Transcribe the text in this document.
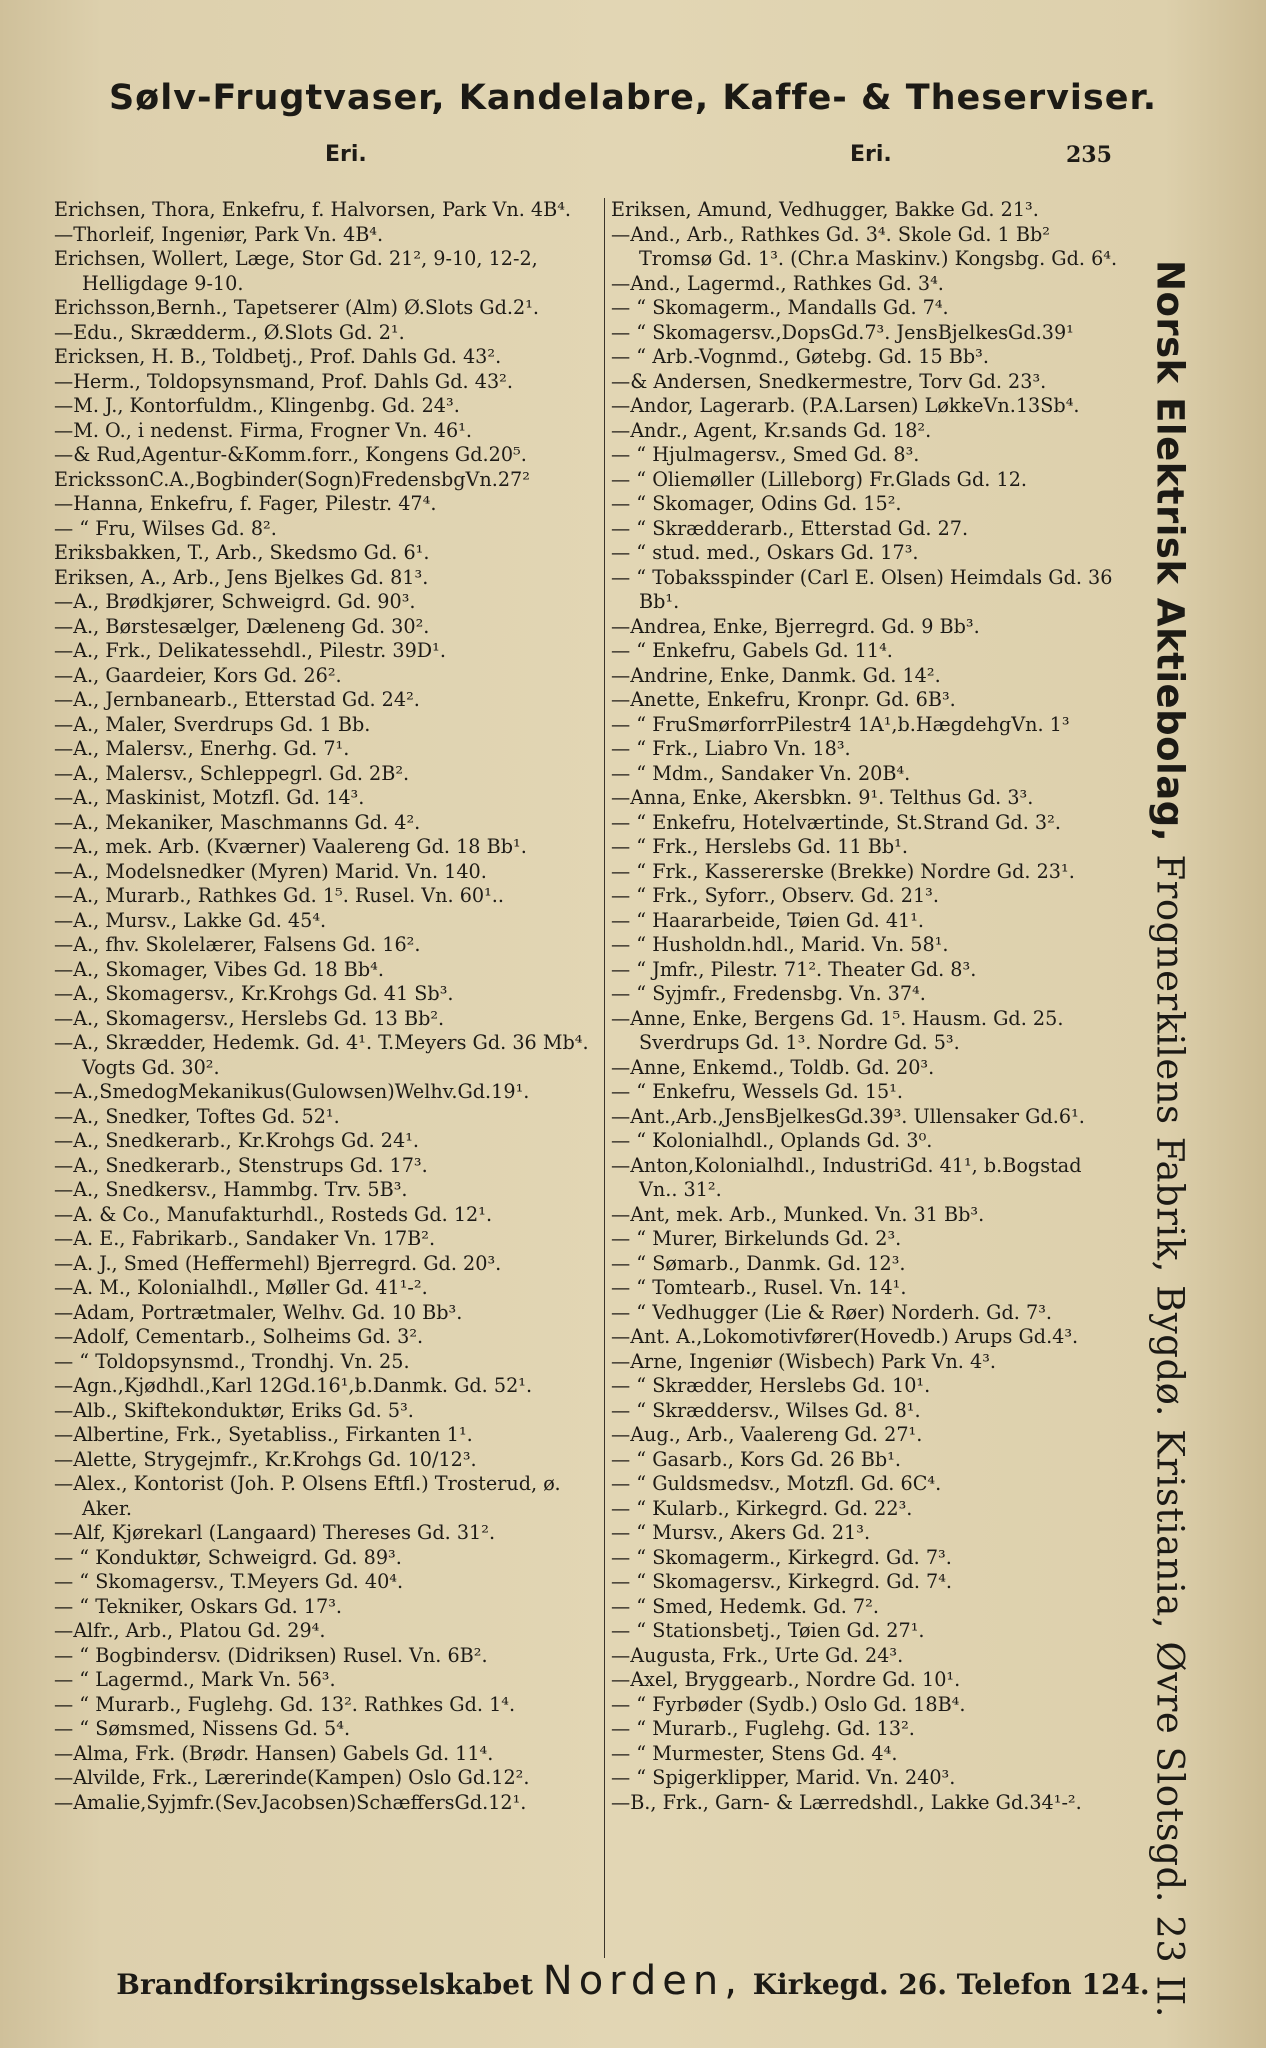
Sølv-Frugtvaser, Kandelabre, Kaffe- & Theserviser.
Eri.	Eri.	235

Erichsen, Thora, Enkefru, f. Halvorsen, Park Vn. 4B⁴.

—Thorleif, Ingeniør, Park Vn. 4B⁴.

Erichsen, Wollert, Læge, Stor Gd. 21², 9-10, 12-2, Helligdage 9-10.

Erichsson,Bernh., Tapetserer (Alm) Ø.Slots Gd.2¹.

—Edu., Skrædderm., Ø.Slots Gd. 2¹.

Ericksen, H. B., Toldbetj., Prof. Dahls Gd. 43².

—Herm., Toldopsynsmand, Prof. Dahls Gd. 43².

—M. J., Kontorfuldm., Klingenbg. Gd. 24³.

—M. O., i nedenst. Firma, Frogner Vn. 46¹.

—& Rud,Agentur-&Komm.forr., Kongens Gd.20⁵.

ErickssonC.A.,Bogbinder(Sogn)FredensbgVn.27²

—Hanna, Enkefru, f. Fager, Pilestr. 47⁴.

— “ Fru, Wilses Gd. 8².

Eriksbakken, T., Arb., Skedsmo Gd. 6¹.

Eriksen, A., Arb., Jens Bjelkes Gd. 81³.

—A., Brødkjører, Schweigrd. Gd. 90³.

—A., Børstesælger, Dæleneng Gd. 30².

—A., Frk., Delikatessehdl., Pilestr. 39D¹.

—A., Gaardeier, Kors Gd. 26².

—A., Jernbanearb., Etterstad Gd. 24².

—A., Maler, Sverdrups Gd. 1 Bb.

—A., Malersv., Enerhg. Gd. 7¹.

—A., Malersv., Schleppegrl. Gd. 2B².

—A., Maskinist, Motzfl. Gd. 14³.

—A., Mekaniker, Maschmanns Gd. 4².

—A., mek. Arb. (Kværner) Vaalereng Gd. 18 Bb¹.

—A., Modelsnedker (Myren) Marid. Vn. 140.

—A., Murarb., Rathkes Gd. 1⁵. Rusel. Vn. 60¹..

—A., Mursv., Lakke Gd. 45⁴.

—A., fhv. Skolelærer, Falsens Gd. 16².

—A., Skomager, Vibes Gd. 18 Bb⁴.

—A., Skomagersv., Kr.Krohgs Gd. 41 Sb³.

—A., Skomagersv., Herslebs Gd. 13 Bb².

—A., Skrædder, Hedemk. Gd. 4¹. T.Meyers Gd. 36 Mb⁴. Vogts Gd. 30².

—A.,SmedogMekanikus(Gulowsen)Welhv.Gd.19¹.

—A., Snedker, Toftes Gd. 52¹.

—A., Snedkerarb., Kr.Krohgs Gd. 24¹.

—A., Snedkerarb., Stenstrups Gd. 17³.

—A., Snedkersv., Hammbg. Trv. 5B³.

—A. & Co., Manufakturhdl., Rosteds Gd. 12¹.

—A. E., Fabrikarb., Sandaker Vn. 17B².

—A. J., Smed (Heffermehl) Bjerregrd. Gd. 20³.

—A. M., Kolonialhdl., Møller Gd. 41¹-².

—Adam, Portrætmaler, Welhv. Gd. 10 Bb³.

—Adolf, Cementarb., Solheims Gd. 3².

— “ Toldopsynsmd., Trondhj. Vn. 25.

—Agn.,Kjødhdl.,Karl 12Gd.16¹,b.Danmk. Gd. 52¹.

—Alb., Skiftekonduktør, Eriks Gd. 5³.

—Albertine, Frk., Syetabliss., Firkanten 1¹.

—Alette, Strygejmfr., Kr.Krohgs Gd. 10/12³.

—Alex., Kontorist (Joh. P. Olsens Eftfl.) Trosterud, ø. Aker.

—Alf, Kjørekarl (Langaard) Thereses Gd. 31².

— “ Konduktør, Schweigrd. Gd. 89³.

— “ Skomagersv., T.Meyers Gd. 40⁴.

— “ Tekniker, Oskars Gd. 17³.

—Alfr., Arb., Platou Gd. 29⁴.

— “ Bogbindersv. (Didriksen) Rusel. Vn. 6B².

— “ Lagermd., Mark Vn. 56³.

— “ Murarb., Fuglehg. Gd. 13². Rathkes Gd. 1⁴.

— “ Sømsmed, Nissens Gd. 5⁴.

—Alma, Frk. (Brødr. Hansen) Gabels Gd. 11⁴.

—Alvilde, Frk., Lærerinde(Kampen) Oslo Gd.12².

—Amalie,Syjmfr.(Sev.Jacobsen)SchæffersGd.12¹.

Eriksen, Amund, Vedhugger, Bakke Gd. 21³.

—And., Arb., Rathkes Gd. 3⁴. Skole Gd. 1 Bb² Tromsø Gd. 1³. (Chr.a Maskinv.) Kongsbg. Gd. 6⁴.

—And., Lagermd., Rathkes Gd. 3⁴.

— “ Skomagerm., Mandalls Gd. 7⁴.

— “ Skomagersv.,DopsGd.7³. JensBjelkesGd.39¹

— “ Arb.-Vognmd., Gøtebg. Gd. 15 Bb³.

—& Andersen, Snedkermestre, Torv Gd. 23³.

—Andor, Lagerarb. (P.A.Larsen) LøkkeVn.13Sb⁴.

—Andr., Agent, Kr.sands Gd. 18².

— “ Hjulmagersv., Smed Gd. 8³.

— “ Oliemøller (Lilleborg) Fr.Glads Gd. 12.

— “ Skomager, Odins Gd. 15².

— “ Skrædderarb., Etterstad Gd. 27.

— “ stud. med., Oskars Gd. 17³.

— “ Tobaksspinder (Carl E. Olsen) Heimdals Gd. 36 Bb¹.

—Andrea, Enke, Bjerregrd. Gd. 9 Bb³.

— “ Enkefru, Gabels Gd. 11⁴.

—Andrine, Enke, Danmk. Gd. 14².

—Anette, Enkefru, Kronpr. Gd. 6B³.

— “ FruSmørforrPilestr4 1A¹,b.HægdehgVn. 1³

— “ Frk., Liabro Vn. 18³.

— “ Mdm., Sandaker Vn. 20B⁴.

—Anna, Enke, Akersbkn. 9¹. Telthus Gd. 3³.

— “ Enkefru, Hotelværtinde, St.Strand Gd. 3².

— “ Frk., Herslebs Gd. 11 Bb¹.

— “ Frk., Kassererske (Brekke) Nordre Gd. 23¹.

— “ Frk., Syforr., Observ. Gd. 21³.

— “ Haararbeide, Tøien Gd. 41¹.

— “ Husholdn.hdl., Marid. Vn. 58¹.

— “ Jmfr., Pilestr. 71². Theater Gd. 8³.

— “ Syjmfr., Fredensbg. Vn. 37⁴.

—Anne, Enke, Bergens Gd. 1⁵. Hausm. Gd. 25. Sverdrups Gd. 1³. Nordre Gd. 5³.

—Anne, Enkemd., Toldb. Gd. 20³.

— “ Enkefru, Wessels Gd. 15¹.

—Ant.,Arb.,JensBjelkesGd.39³. Ullensaker Gd.6¹.

— “ Kolonialhdl., Oplands Gd. 3⁰.

—Anton,Kolonialhdl., IndustriGd. 41¹, b.Bogstad Vn.. 31².

—Ant, mek. Arb., Munked. Vn. 31 Bb³.

— “ Murer, Birkelunds Gd. 2³.

— “ Sømarb., Danmk. Gd. 12³.

— “ Tomtearb., Rusel. Vn. 14¹.

— “ Vedhugger (Lie & Røer) Norderh. Gd. 7³.

—Ant. A.,Lokomotivfører(Hovedb.) Arups Gd.4³.

—Arne, Ingeniør (Wisbech) Park Vn. 4³.

— “ Skrædder, Herslebs Gd. 10¹.

— “ Skræddersv., Wilses Gd. 8¹.

—Aug., Arb., Vaalereng Gd. 27¹.

— “ Gasarb., Kors Gd. 26 Bb¹.

— “ Guldsmedsv., Motzfl. Gd. 6C⁴.

— “ Kularb., Kirkegrd. Gd. 22³.

— “ Mursv., Akers Gd. 21³.

— “ Skomagerm., Kirkegrd. Gd. 7³.

— “ Skomagersv., Kirkegrd. Gd. 7⁴.

— “ Smed, Hedemk. Gd. 7².

— “ Stationsbetj., Tøien Gd. 27¹.

—Augusta, Frk., Urte Gd. 24³.

—Axel, Bryggearb., Nordre Gd. 10¹.

— “ Fyrbøder (Sydb.) Oslo Gd. 18B⁴.

— “ Murarb., Fuglehg. Gd. 13².

— “ Murmester, Stens Gd. 4⁴.

— “ Spigerklipper, Marid. Vn. 240³.

—B., Frk., Garn- & Lærredshdl., Lakke Gd.34¹-².

Norsk Elektrisk Aktiebolag, Frognerkilens Fabrik, Bygdø. Kristiania, Øvre Slotsgd. 23 II.
Brandforsikringsselskabet Norden, Kirkegd. 26. Telefon 124.
